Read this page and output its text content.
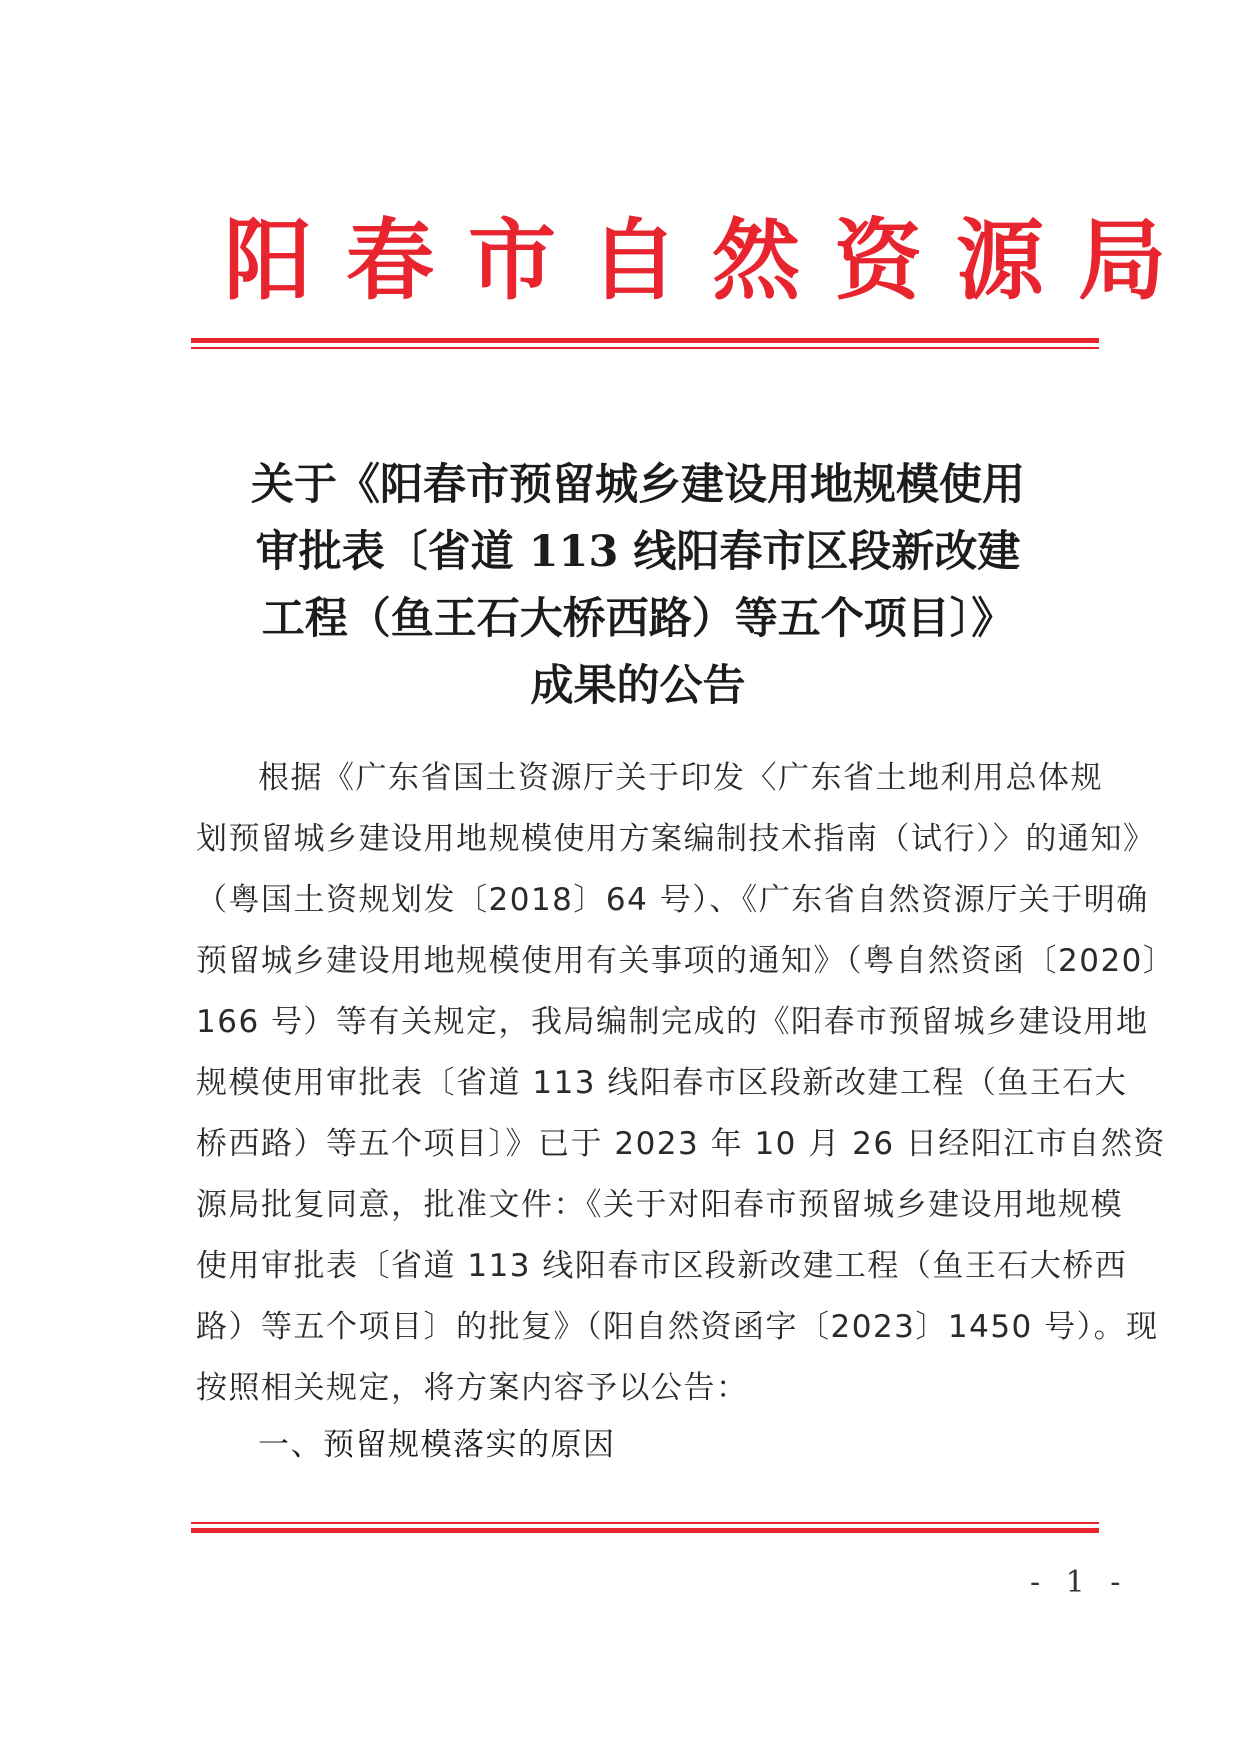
阳春市自然资源局
关于《阳春市预留城乡建设用地规模使用
审批表〔省道 113 线阳春市区段新改建
工程（鱼王石大桥西路）等五个项目〕》
成果的公告
根据《广东省国土资源厅关于印发〈广东省土地利用总体规
划预留城乡建设用地规模使用方案编制技术指南（试行）〉的通知》
（粤国土资规划发〔2018〕64 号）、《广东省自然资源厅关于明确
预留城乡建设用地规模使用有关事项的通知》（粤自然资函〔2020〕
166 号）等有关规定，我局编制完成的《阳春市预留城乡建设用地
规模使用审批表〔省道 113 线阳春市区段新改建工程（鱼王石大
桥西路）等五个项目〕》已于 2023 年 10 月 26 日经阳江市自然资
源局批复同意，批准文件：《关于对阳春市预留城乡建设用地规模
使用审批表〔省道 113 线阳春市区段新改建工程（鱼王石大桥西
路）等五个项目〕的批复》（阳自然资函字〔2023〕1450 号）。现
按照相关规定，将方案内容予以公告：
一、预留规模落实的原因
- 1 -
